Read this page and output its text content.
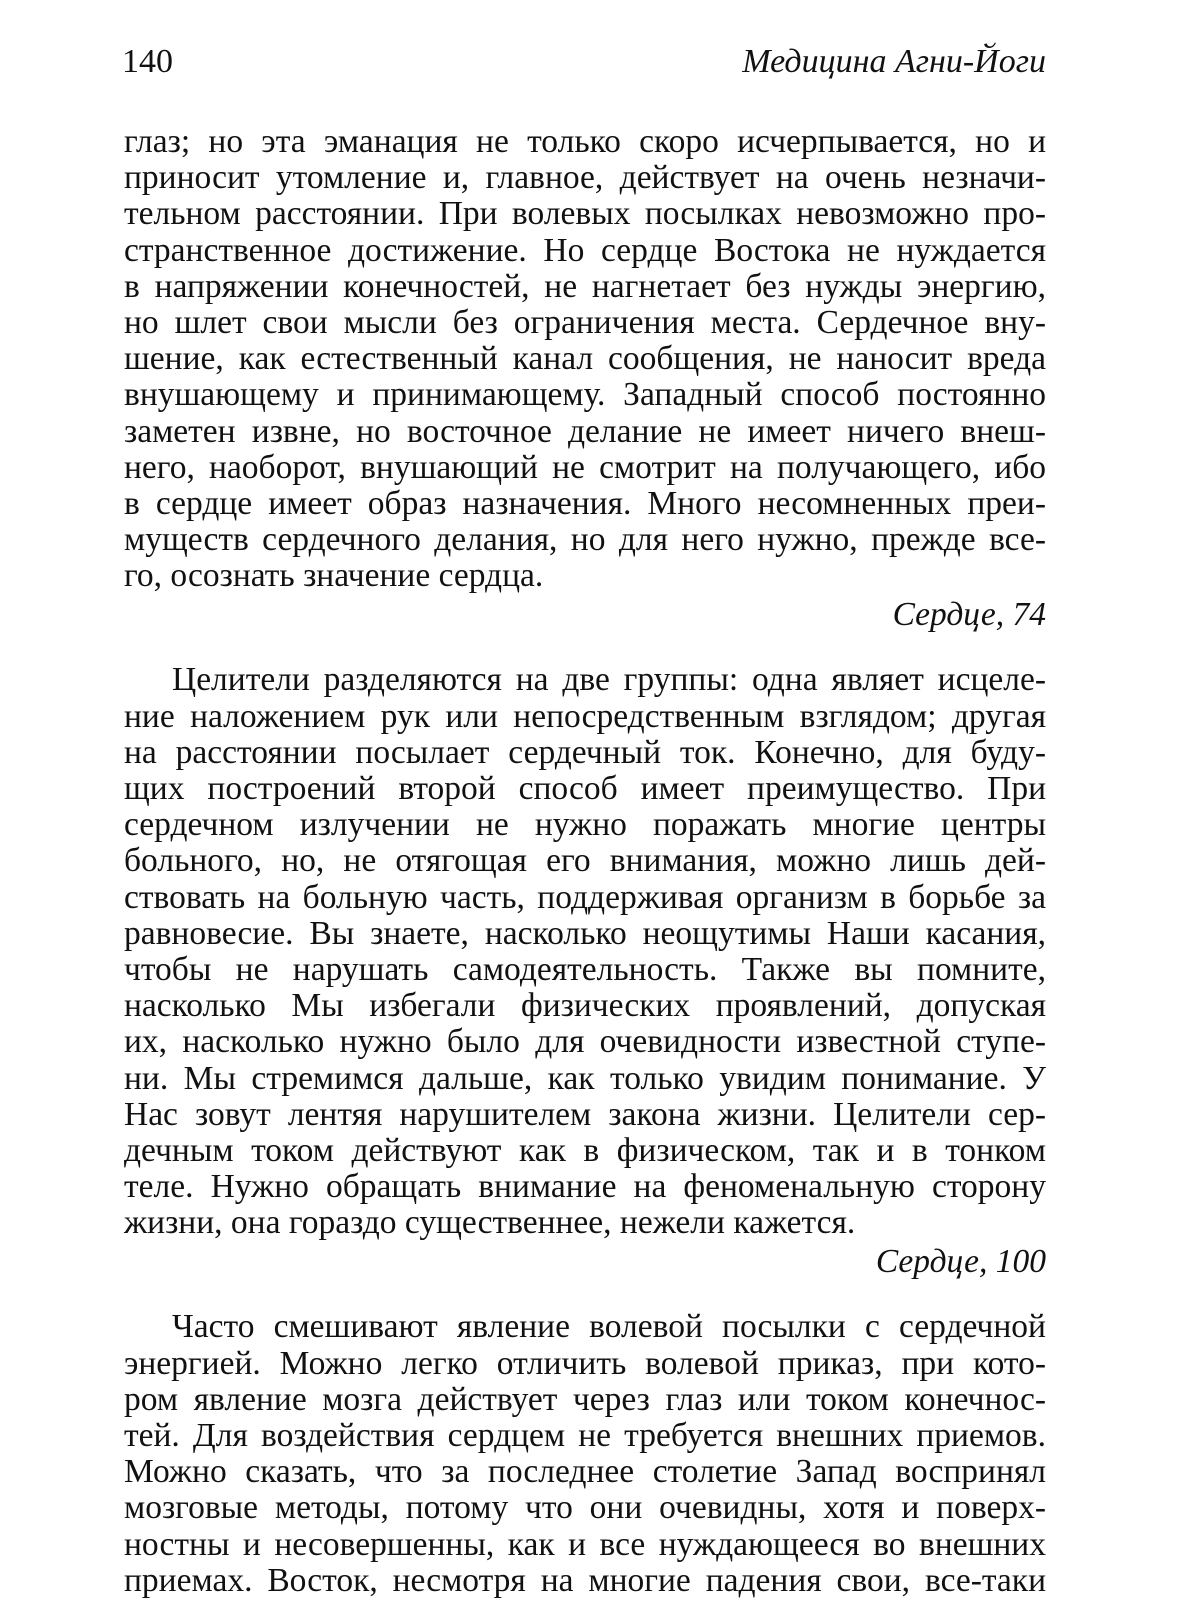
140	Медицина Агни-Йоги
глаз; но эта эманация не только скоро исчерпывается, но и
приносит утомление и, главное, действует на очень незначи-
тельном расстоянии. При волевых посылках невозможно про-
странственное достижение. Но сердце Востока не нуждается
в напряжении конечностей, не нагнетает без нужды энергию,
но шлет свои мысли без ограничения места. Сердечное вну-
шение, как естественный канал сообщения, не наносит вреда
внушающему и принимающему. Западный способ постоянно
заметен извне, но восточное делание не имеет ничего внеш-
него, наоборот, внушающий не смотрит на получающего, ибо
в сердце имеет образ назначения. Много несомненных преи-
муществ сердечного делания, но для него нужно, прежде все-
го, осознать значение сердца.
Сердце, 74
Целители разделяются на две группы: одна являет исцеле-
ние наложением рук или непосредственным взглядом; другая
на расстоянии посылает сердечный ток. Конечно, для буду-
щих построений второй способ имеет преимущество. При
сердечном излучении не нужно поражать многие центры
больного, но, не отягощая его внимания, можно лишь дей-
ствовать на больную часть, поддерживая организм в борьбе за
равновесие. Вы знаете, насколько неощутимы Наши касания,
чтобы не нарушать самодеятельность. Также вы помните,
насколько Мы избегали физических проявлений, допуская
их, насколько нужно было для очевидности известной ступе-
ни. Мы стремимся дальше, как только увидим понимание. У
Нас зовут лентяя нарушителем закона жизни. Целители сер-
дечным током действуют как в физическом, так и в тонком
теле. Нужно обращать внимание на феноменальную сторону
жизни, она гораздо существеннее, нежели кажется.
Сердце, 100
Часто смешивают явление волевой посылки с сердечной
энергией. Можно легко отличить волевой приказ, при кото-
ром явление мозга действует через глаз или током конечнос-
тей. Для воздействия сердцем не требуется внешних приемов.
Можно сказать, что за последнее столетие Запад воспринял
мозговые методы, потому что они очевидны, хотя и поверх-
ностны и несовершенны, как и все нуждающееся во внешних
приемах. Восток, несмотря на многие падения свои, все-таки
